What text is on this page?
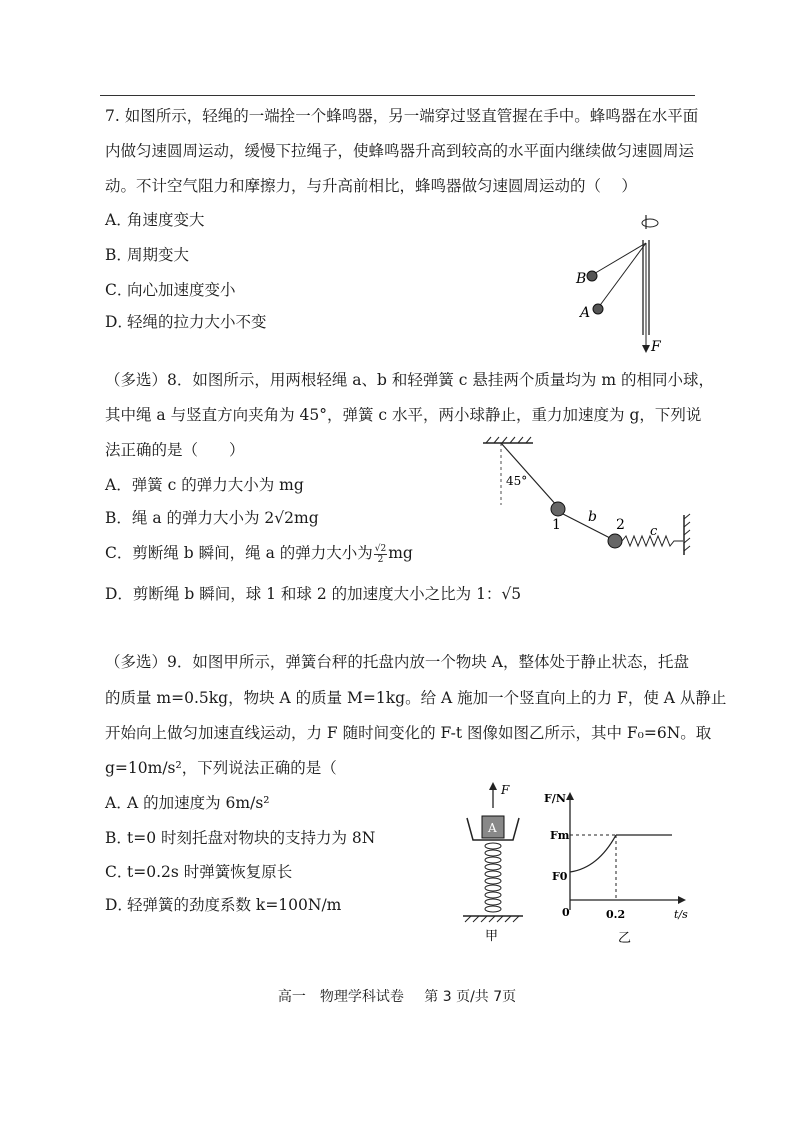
7. 如图所示，轻绳的一端拴一个蜂鸣器，另一端穿过竖直管握在手中。蜂鸣器在水平面
内做匀速圆周运动，缓慢下拉绳子，使蜂鸣器升高到较高的水平面内继续做匀速圆周运
动。不计空气阻力和摩擦力，与升高前相比，蜂鸣器做匀速圆周运动的（　 ）
A．角速度变大
B．周期变大
C．向心加速度变小
D．轻绳的拉力大小不变
B
A
F
（多选）8．如图所示，用两根轻绳 a、b 和轻弹簧 c 悬挂两个质量均为 m 的相同小球，
其中绳 a 与竖直方向夹角为 45°，弹簧 c 水平，两小球静止，重力加速度为 g，下列说
法正确的是（　　）
A．弹簧 c 的弹力大小为 mg
B．绳 a 的弹力大小为 2√2mg
C．剪断绳 b 瞬间，绳 a 的弹力大小为 $\frac{√2}{2}$ mg
D．剪断绳 b 瞬间，球 1 和球 2 的加速度大小之比为 1：√5
45°
1	2
b
c
（多选）9．如图甲所示，弹簧台秤的托盘内放一个物块 A，整体处于静止状态，托盘
的质量 m=0.5kg，物块 A 的质量 M=1kg。给 A 施加一个竖直向上的力 F，使 A 从静止
开始向上做匀加速直线运动，力 F 随时间变化的 F-t 图像如图乙所示，其中 F₀=6N。取
g=10m/s²，下列说法正确的是（
A．A 的加速度为 6m/s²
B．t=0 时刻托盘对物块的支持力为 8N
C．t=0.2s 时弹簧恢复原长
D．轻弹簧的劲度系数 k=100N/m
F
A
甲
F/N
Fm
F0
0	0.2	t/s
乙
高一　物理学科试卷 第 3 页/共 7页
